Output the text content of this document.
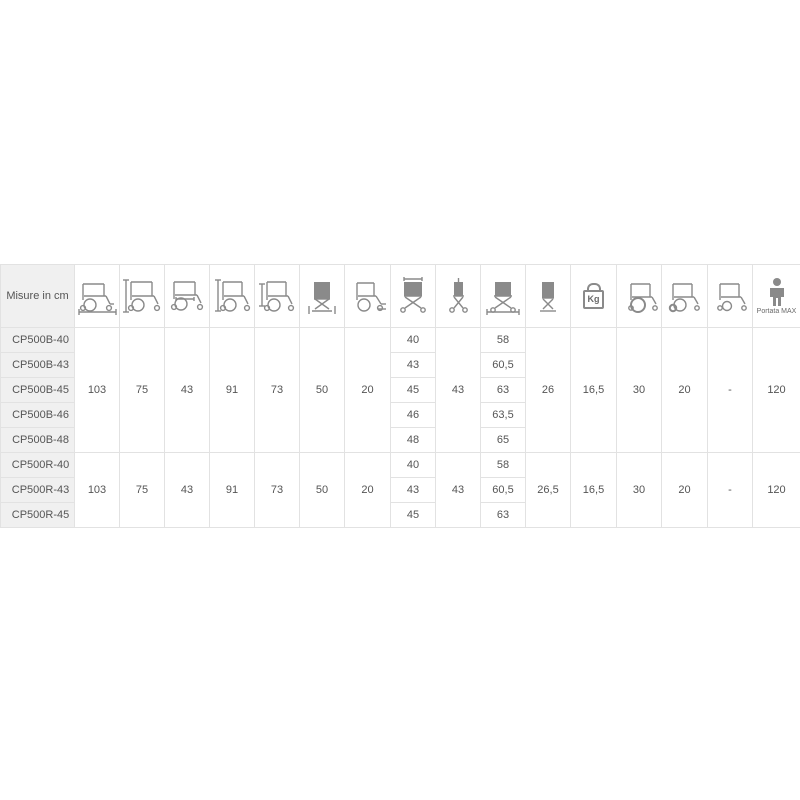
Misure in cm												Kg				Portata MAX

CP500B-40	103	75	43	91	73	50	20	40	43	58	26	16,5	30	20	-	120
CP500B-43								43		60,5						
CP500B-45								45		63						
CP500B-46								46		63,5						
CP500B-48								48		65						
CP500R-40	103	75	43	91	73	50	20	40	43	58	26,5	16,5	30	20	-	120
CP500R-43								43		60,5						
CP500R-45								45		63						
